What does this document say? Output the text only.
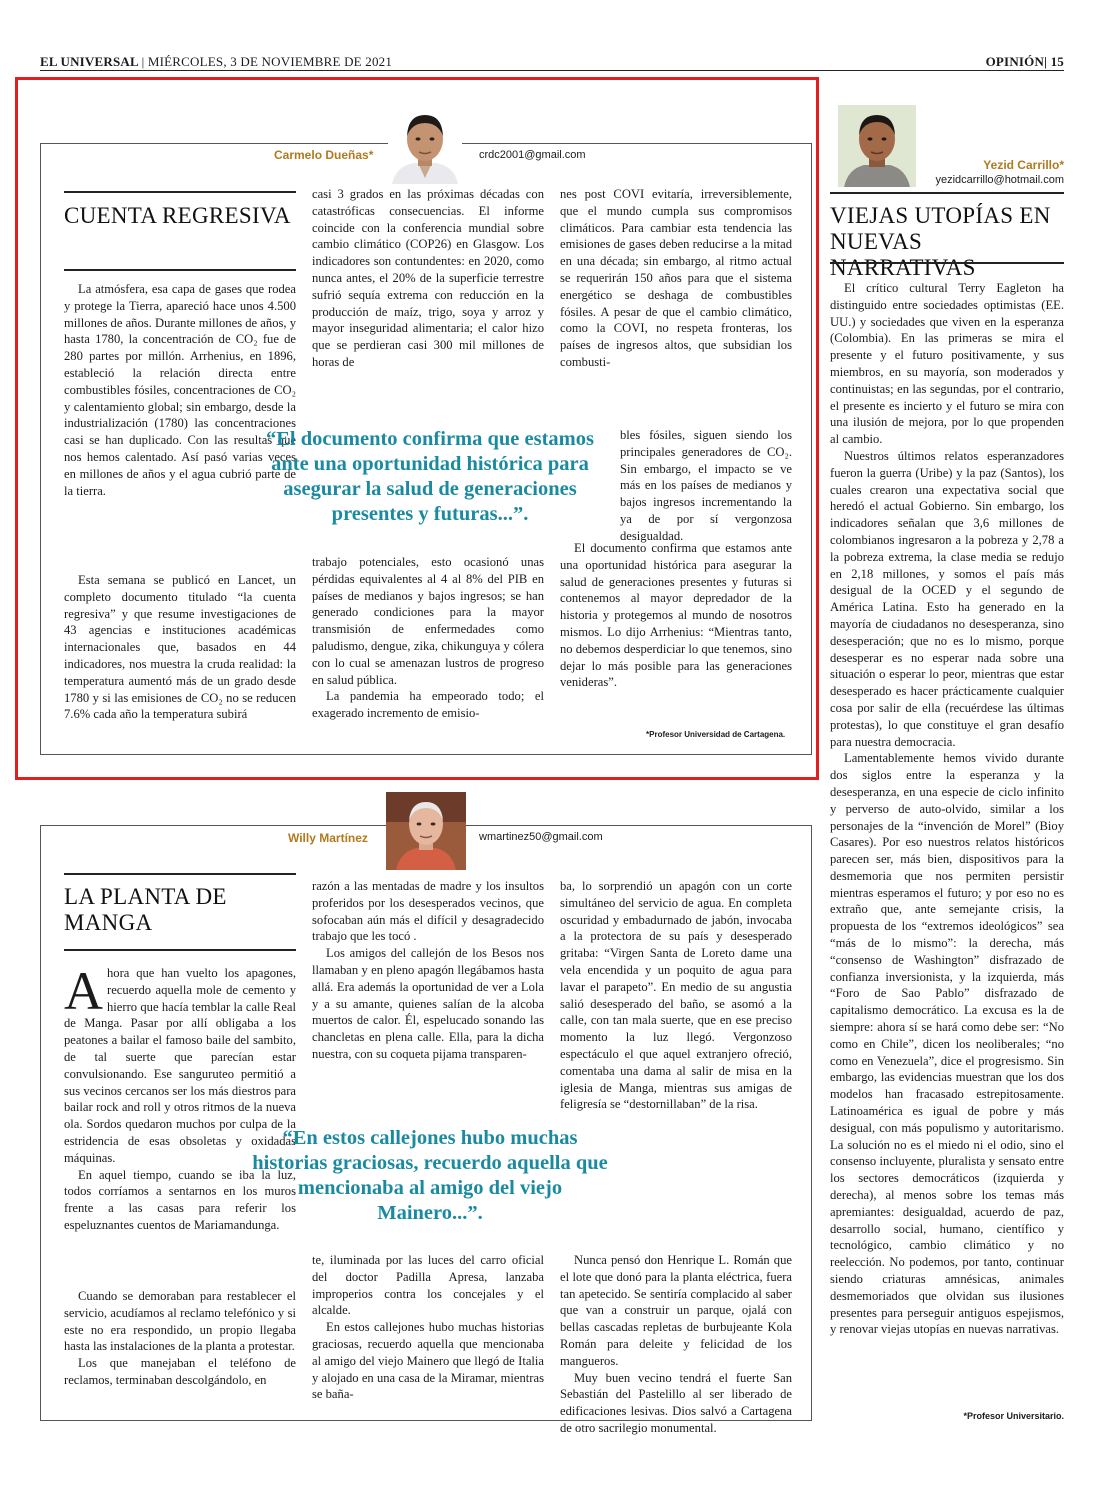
EL UNIVERSAL | MIÉRCOLES, 3 DE NOVIEMBRE DE 2021	OPINIÓN| 15
Carmelo Dueñas*	crdc2001@gmail.com
CUENTA REGRESIVA

La atmósfera, esa capa de gases que rodea y protege la Tierra, apareció hace unos 4.500 millones de años. Durante millones de años, y hasta 1780, la concentración de CO₂ fue de 280 partes por millón. Arrhenius, en 1896, estableció la relación directa entre combustibles fósiles, concentraciones de CO₂ y calentamiento global; sin embargo, desde la industrialización (1780) las concentraciones casi se han duplicado. Con las resultas que nos hemos calentado. Así pasó varias veces en millones de años y el agua cubrió parte de la tierra.

Esta semana se publicó en Lancet, un completo documento titulado “la cuenta regresiva” y que resume investigaciones de 43 agencias e instituciones académicas internacionales que, basados en 44 indicadores, nos muestra la cruda realidad: la temperatura aumentó más de un grado desde 1780 y si las emisiones de CO₂ no se reducen 7.6% cada año la temperatura subirá

casi 3 grados en las próximas décadas con catastróficas consecuencias. El informe coincide con la conferencia mundial sobre cambio climático (COP26) en Glasgow. Los indicadores son contundentes: en 2020, como nunca antes, el 20% de la superficie terrestre sufrió sequía extrema con reducción en la producción de maíz, trigo, soya y arroz y mayor inseguridad alimentaria; el calor hizo que se perdieran casi 300 mil millones de horas de

trabajo potenciales, esto ocasionó unas pérdidas equivalentes al 4 al 8% del PIB en países de medianos y bajos ingresos; se han generado condiciones para la mayor transmisión de enfermedades como paludismo, dengue, zika, chikunguya y cólera con lo cual se amenazan lustros de progreso en salud pública.

La pandemia ha empeorado todo; el exagerado incremento de emisio-

nes post COVI evitaría, irreversiblemente, que el mundo cumpla sus compromisos climáticos. Para cambiar esta tendencia las emisiones de gases deben reducirse a la mitad en una década; sin embargo, al ritmo actual se requerirán 150 años para que el sistema energético se deshaga de combustibles fósiles. A pesar de que el cambio climático, como la COVI, no respeta fronteras, los países de ingresos altos, que subsidian los combusti-

bles fósiles, siguen siendo los principales generadores de CO₂. Sin embargo, el impacto se ve más en los países de medianos y bajos ingresos incrementando la ya de por sí vergonzosa desigualdad.

El documento confirma que estamos ante una oportunidad histórica para asegurar la salud de generaciones presentes y futuras si contenemos al mayor depredador de la historia y protegemos al mundo de nosotros mismos. Lo dijo Arrhenius: “Mientras tanto, no debemos desperdiciar lo que tenemos, sino dejar lo más posible para las generaciones venideras”.

“El documento confirma que estamos ante una oportunidad histórica para asegurar la salud de generaciones presentes y futuras...”.
*Profesor Universidad de Cartagena.
Willy Martínez	wmartinez50@gmail.com
LA PLANTA DE MANGA

Ahora que han vuelto los apagones, recuerdo aquella mole de cemento y hierro que hacía temblar la calle Real de Manga. Pasar por allí obligaba a los peatones a bailar el famoso baile del sambito, de tal suerte que parecían estar convulsionando. Ese sanguruteo permitió a sus vecinos cercanos ser los más diestros para bailar rock and roll y otros ritmos de la nueva ola. Sordos quedaron muchos por culpa de la estridencia de esas obsoletas y oxidadas máquinas.

En aquel tiempo, cuando se iba la luz, todos corríamos a sentarnos en los muros frente a las casas para referir los espeluznantes cuentos de Mariamandunga.

Cuando se demoraban para restablecer el servicio, acudíamos al reclamo telefónico y si este no era respondido, un propio llegaba hasta las instalaciones de la planta a protestar.

Los que manejaban el teléfono de reclamos, terminaban descolgándolo, en

razón a las mentadas de madre y los insultos proferidos por los desesperados vecinos, que sofocaban aún más el difícil y desagradecido trabajo que les tocó .

Los amigos del callejón de los Besos nos llamaban y en pleno apagón llegábamos hasta allá. Era además la oportunidad de ver a Lola y a su amante, quienes salían de la alcoba muertos de calor. Él, espelucado sonando las chancletas en plena calle. Ella, para la dicha nuestra, con su coqueta pijama transparen-

te, iluminada por las luces del carro oficial del doctor Padilla Apresa, lanzaba improperios contra los concejales y el alcalde.

En estos callejones hubo muchas historias graciosas, recuerdo aquella que mencionaba al amigo del viejo Mainero que llegó de Italia y alojado en una casa de la Miramar, mientras se baña-

ba, lo sorprendió un apagón con un corte simultáneo del servicio de agua. En completa oscuridad y embadurnado de jabón, invocaba a la protectora de su país y desesperado gritaba: “Virgen Santa de Loreto dame una vela encendida y un poquito de agua para lavar el parapeto”. En medio de su angustia salió desesperado del baño, se asomó a la calle, con tan mala suerte, que en ese preciso momento la luz llegó. Vergonzoso espectáculo el que aquel extranjero ofreció, comentaba una dama al salir de misa en la iglesia de Manga, mientras sus amigas de feligresía se “destornillaban” de la risa.

Nunca pensó don Henrique L. Román que el lote que donó para la planta eléctrica, fuera tan apetecido. Se sentiría complacido al saber que van a construir un parque, ojalá con bellas cascadas repletas de burbujeante Kola Román para deleite y felicidad de los mangueros.

Muy buen vecino tendrá el fuerte San Sebastián del Pastelillo al ser liberado de edificaciones lesivas. Dios salvó a Cartagena de otro sacrilegio monumental.

“En estos callejones hubo muchas historias graciosas, recuerdo aquella que mencionaba al amigo del viejo Mainero...”.
Yezid Carrillo*
yezidcarrillo@hotmail.com
VIEJAS UTOPÍAS EN NUEVAS NARRATIVAS

El crítico cultural Terry Eagleton ha distinguido entre sociedades optimistas (EE. UU.) y sociedades que viven en la esperanza (Colombia). En las primeras se mira el presente y el futuro positivamente, y sus miembros, en su mayoría, son moderados y continuistas; en las segundas, por el contrario, el presente es incierto y el futuro se mira con una ilusión de mejora, por lo que propenden al cambio.

Nuestros últimos relatos esperanzadores fueron la guerra (Uribe) y la paz (Santos), los cuales crearon una expectativa social que heredó el actual Gobierno. Sin embargo, los indicadores señalan que 3,6 millones de colombianos ingresaron a la pobreza y 2,78 a la pobreza extrema, la clase media se redujo en 2,18 millones, y somos el país más desigual de la OCED y el segundo de América Latina. Esto ha generado en la mayoría de ciudadanos no desesperanza, sino desesperación; que no es lo mismo, porque desesperar es no esperar nada sobre una situación o esperar lo peor, mientras que estar desesperado es hacer prácticamente cualquier cosa por salir de ella (recuérdese las últimas protestas), lo que constituye el gran desafío para nuestra democracia.

Lamentablemente hemos vivido durante dos siglos entre la esperanza y la desesperanza, en una especie de ciclo infinito y perverso de auto-olvido, similar a los personajes de la “invención de Morel” (Bioy Casares). Por eso nuestros relatos históricos parecen ser, más bien, dispositivos para la desmemoria que nos permiten persistir mientras esperamos el futuro; y por eso no es extraño que, ante semejante crisis, la propuesta de los “extremos ideológicos” sea “más de lo mismo”: la derecha, más “consenso de Washington” disfrazado de confianza inversionista, y la izquierda, más “Foro de Sao Pablo” disfrazado de capitalismo democrático. La excusa es la de siempre: ahora sí se hará como debe ser: “No como en Chile”, dicen los neoliberales; “no como en Venezuela”, dice el progresismo. Sin embargo, las evidencias muestran que los dos modelos han fracasado estrepitosamente. Latinoamérica es igual de pobre y más desigual, con más populismo y autoritarismo. La solución no es el miedo ni el odio, sino el consenso incluyente, pluralista y sensato entre los sectores democráticos (izquierda y derecha), al menos sobre los temas más apremiantes: desigualdad, acuerdo de paz, desarrollo social, humano, científico y tecnológico, cambio climático y no reelección. No podemos, por tanto, continuar siendo criaturas amnésicas, animales desmemoriados que olvidan sus ilusiones presentes para perseguir antiguos espejismos, y renovar viejas utopías en nuevas narrativas.

*Profesor Universitario.
